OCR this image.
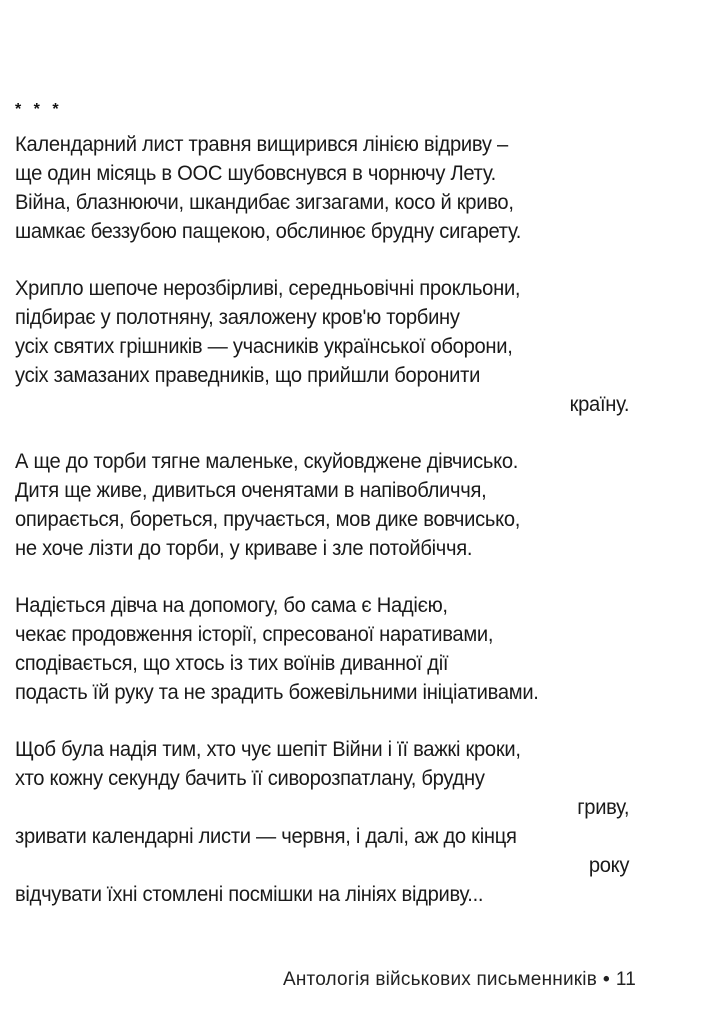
* * *
Календарний лист травня вищирився лінією відриву –
ще один місяць в ООС шубовснувся в чорнючу Лету.
Війна, блазнюючи, шкандибає зигзагами, косо й криво,
шамкає беззубою пащекою, обслинює брудну сигарету.
Хрипло шепоче нерозбірливі, середньовічні прокльони,
підбирає у полотняну, заяложену кров'ю торбину
усіх святих грішників — учасників української оборони,
усіх замазаних праведників, що прийшли боронити
країну.
А ще до торби тягне маленьке, скуйовджене дівчисько.
Дитя ще живе, дивиться оченятами в напівобличчя,
опирається, бореться, пручається, мов дике вовчисько,
не хоче лізти до торби, у криваве і зле потойбіччя.
Надіється дівча на допомогу, бо сама є Надією,
чекає продовження історії, спресованої наративами,
сподівається, що хтось із тих воїнів диванної дії
подасть їй руку та не зрадить божевільними ініціативами.
Щоб була надія тим, хто чує шепіт Війни і її важкі кроки,
хто кожну секунду бачить її сиворозпатлану, брудну
гриву,
зривати календарні листи — червня, і далі, аж до кінця
року
відчувати їхні стомлені посмішки на лініях відриву...
Антологія військових письменників • 11
